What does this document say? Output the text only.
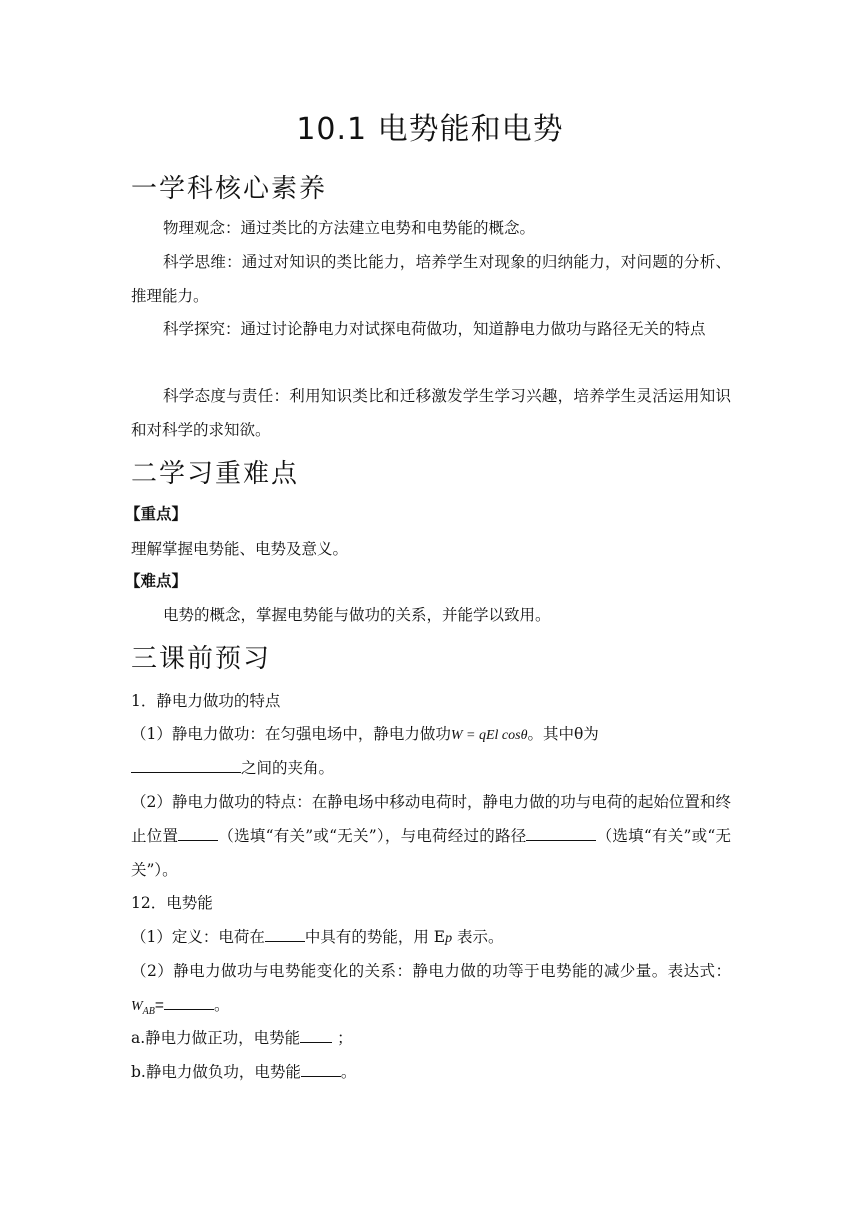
10.1 电势能和电势
一学科核心素养
物理观念：通过类比的方法建立电势和电势能的概念。
科学思维：通过对知识的类比能力，培养学生对现象的归纳能力，对问题的分析、推理能力。
科学探究：通过讨论静电力对试探电荷做功，知道静电力做功与路径无关的特点
科学态度与责任：利用知识类比和迁移激发学生学习兴趣，培养学生灵活运用知识和对科学的求知欲。
二学习重难点
【重点】
理解掌握电势能、电势及意义。
【难点】
电势的概念，掌握电势能与做功的关系，并能学以致用。
三课前预习
1．静电力做功的特点
（1）静电力做功：在匀强电场中，静电力做功W = qEl cosθ。其中θ为
之间的夹角。
（2）静电力做功的特点：在静电场中移动电荷时，静电力做的功与电荷的起始位置和终止位置	（选填“有关”或“无关”），与电荷经过的路径	（选填“有关”或“无关”）。
12．电势能
（1）定义：电荷在	中具有的势能，用 Ep 表示。
（2）静电力做功与电势能变化的关系：静电力做的功等于电势能的减少量。表达式：$W_{AB}=$	。
a.静电力做正功，电势能 ；
b.静电力做负功，电势能	。
